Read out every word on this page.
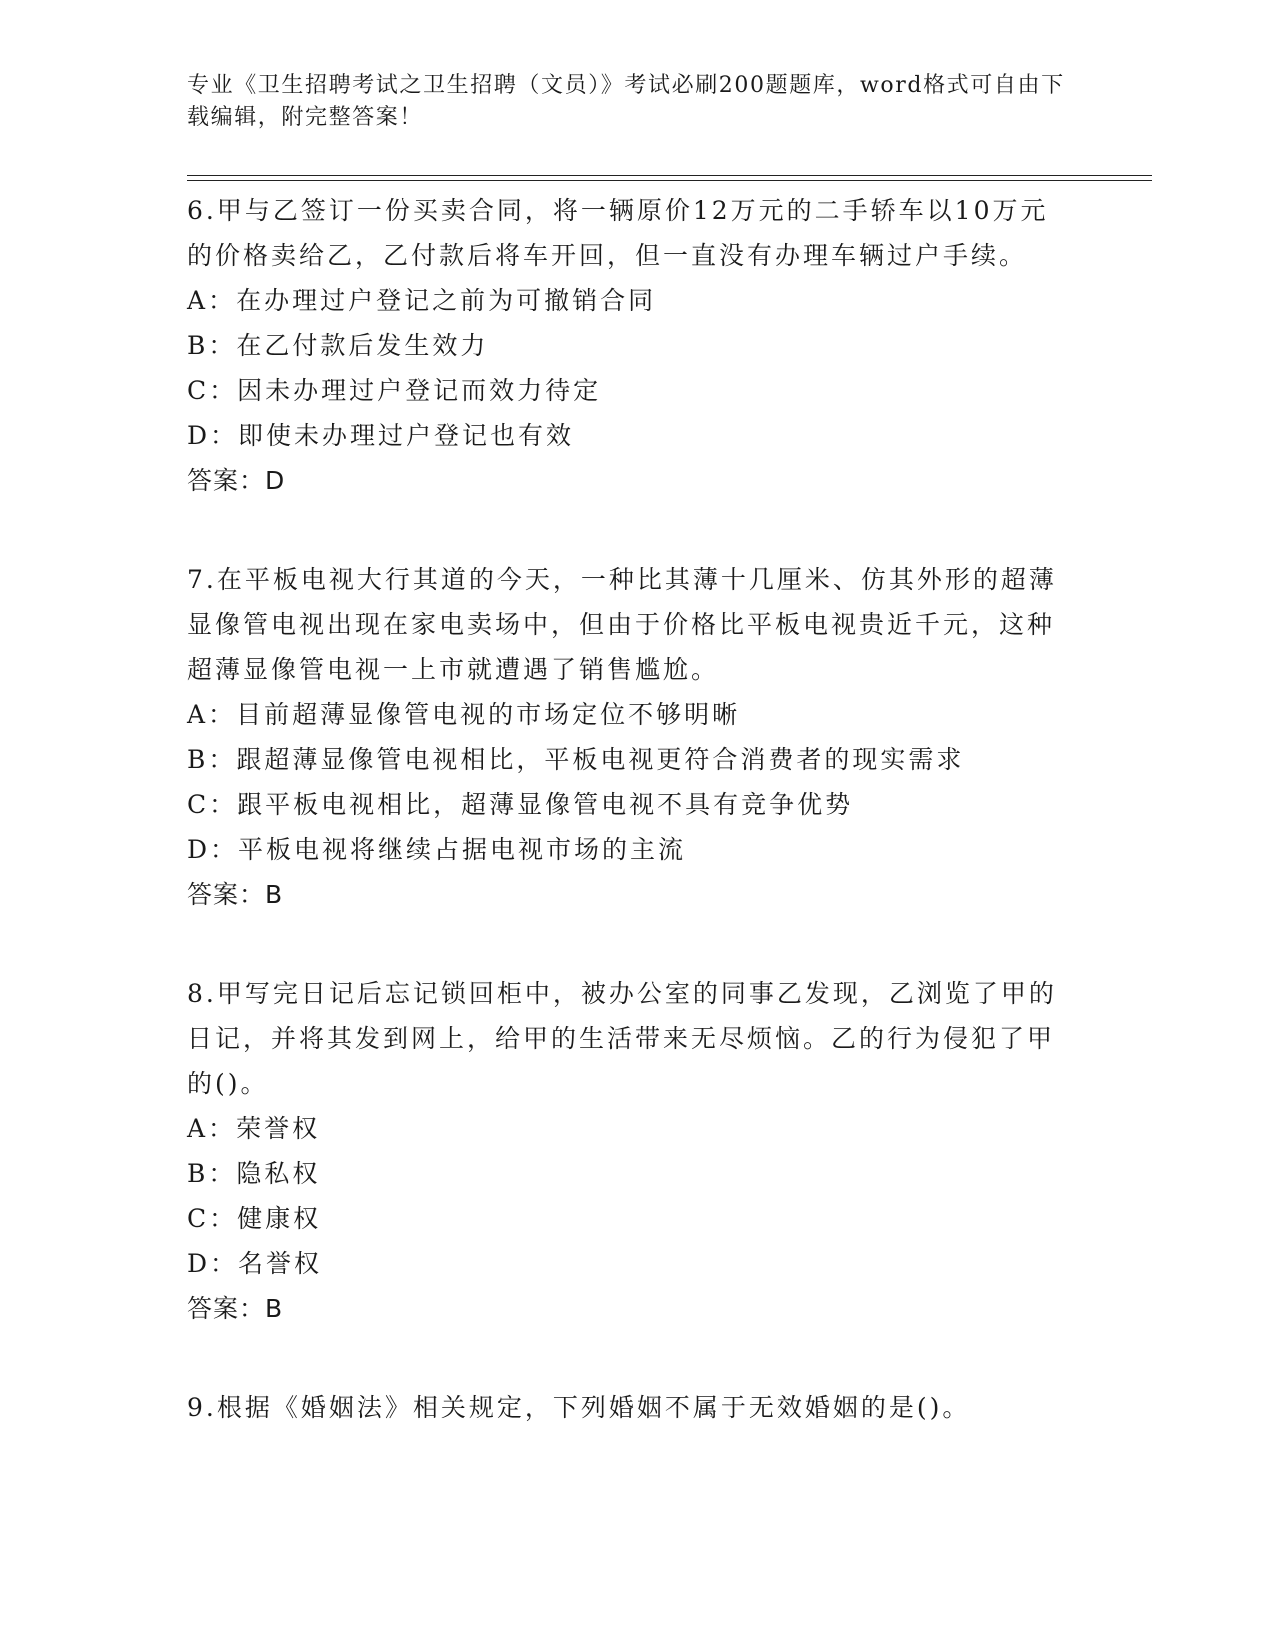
专业《卫生招聘考试之卫生招聘（文员）》考试必刷200题题库，word格式可自由下载编辑，附完整答案！

6.甲与乙签订一份买卖合同，将一辆原价12万元的二手轿车以10万元的价格卖给乙，乙付款后将车开回，但一直没有办理车辆过户手续。

A： 在办理过户登记之前为可撤销合同

B： 在乙付款后发生效力

C： 因未办理过户登记而效力待定

D： 即使未办理过户登记也有效

答案：D

7.在平板电视大行其道的今天，一种比其薄十几厘米、仿其外形的超薄显像管电视出现在家电卖场中，但由于价格比平板电视贵近千元，这种超薄显像管电视一上市就遭遇了销售尴尬。

A： 目前超薄显像管电视的市场定位不够明晰

B： 跟超薄显像管电视相比，平板电视更符合消费者的现实需求

C： 跟平板电视相比，超薄显像管电视不具有竞争优势

D： 平板电视将继续占据电视市场的主流

答案：B

8.甲写完日记后忘记锁回柜中，被办公室的同事乙发现，乙浏览了甲的日记，并将其发到网上，给甲的生活带来无尽烦恼。乙的行为侵犯了甲的()。

A： 荣誉权

B： 隐私权

C： 健康权

D： 名誉权

答案：B

9.根据《婚姻法》相关规定，下列婚姻不属于无效婚姻的是()。
